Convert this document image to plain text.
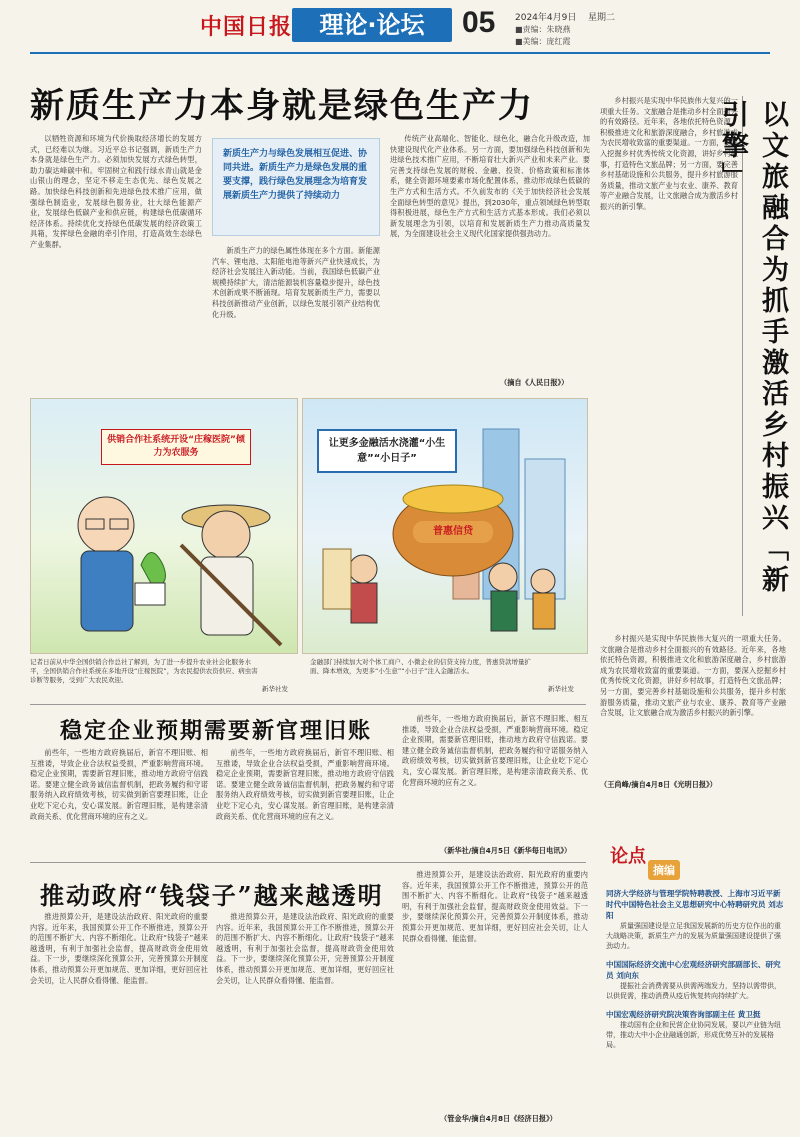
中国日报	理论·论坛	05 2024年4月9日 星期二
■责编：朱晓燕
■美编：庞红霞
新质生产力本身就是绿色生产力

以牺牲资源和环境为代价换取经济增长的发展方式，已经难以为继。习近平总书记强调，新质生产力本身就是绿色生产力。必须加快发展方式绿色转型，助力碳达峰碳中和。牢固树立和践行绿水青山就是金山银山的理念，坚定不移走生态优先、绿色发展之路。加快绿色科技创新和先进绿色技术推广应用，做强绿色制造业，发展绿色服务业，壮大绿色能源产业，发展绿色低碳产业和供应链，构建绿色低碳循环经济体系。持续优化支持绿色低碳发展的经济政策工具箱，发挥绿色金融的牵引作用，打造高效生态绿色产业集群。

新质生产力与绿色发展相互促进、协同共进。新质生产力是绿色发展的重要支撑，践行绿色发展理念为培育发展新质生产力提供了持续动力

新质生产力的绿色属性体现在多个方面。新能源汽车、锂电池、太阳能电池等新兴产业快速成长，为经济社会发展注入新动能。当前，我国绿色低碳产业规模持续扩大，清洁能源装机容量稳步提升，绿色技术创新成果不断涌现。培育发展新质生产力，需要以科技创新推动产业创新，以绿色发展引领产业结构优化升级。

传统产业高端化、智能化、绿色化，融合化升级改造，加快建设现代化产业体系。另一方面，要加强绿色科技创新和先进绿色技术推广应用，不断培育壮大新兴产业和未来产业。要完善支持绿色发展的财税、金融、投资、价格政策和标准体系，健全资源环境要素市场化配置体系，推动形成绿色低碳的生产方式和生活方式。不久前发布的《关于加快经济社会发展全面绿色转型的意见》提出，到2030年，重点领域绿色转型取得积极进展，绿色生产方式和生活方式基本形成。我们必须以新发展理念为引领，以培育和发展新质生产力推动高质量发展，为全面建设社会主义现代化国家提供强劲动力。

（摘自《人民日报》）

乡村振兴是实现中华民族伟大复兴的一项重大任务。文旅融合是推动乡村全面振兴的有效路径。近年来，各地依托特色资源，积极推进文化和旅游深度融合，乡村旅游成为农民增收致富的重要渠道。一方面，要深入挖掘乡村优秀传统文化资源，讲好乡村故事，打造特色文旅品牌；另一方面，要完善乡村基础设施和公共服务，提升乡村旅游服务质量，推动文旅产业与农业、康养、教育等产业融合发展，让文旅融合成为激活乡村振兴的新引擎。	以文旅融合为抓手激活乡村振兴「新引擎」
（王尚峰/摘自4月8日《光明日报》）

乡村振兴是实现中华民族伟大复兴的一项重大任务。文旅融合是推动乡村全面振兴的有效路径。近年来，各地依托特色资源，积极推进文化和旅游深度融合，乡村旅游成为农民增收致富的重要渠道。一方面，要深入挖掘乡村优秀传统文化资源，讲好乡村故事，打造特色文旅品牌；另一方面，要完善乡村基础设施和公共服务，提升乡村旅游服务质量，推动文旅产业与农业、康养、教育等产业融合发展，让文旅融合成为激活乡村振兴的新引擎。

供销合作社系统开设“庄稼医院”倾力为农服务
记者日前从中华全国供销合作总社了解到，为了进一步提升农业社会化服务水平，全国供销合作社系统在多地开设“庄稼医院”，为农民提供农资供应、病虫害诊断等服务，受到广大农民欢迎。
新华社发
让更多金融活水浇灌“小生意”“小日子”
普惠信贷
金融部门持续加大对个体工商户、小微企业的信贷支持力度，普惠贷款增量扩面、降本增效，为更多“小生意”“小日子”注入金融活水。
新华社发
稳定企业预期需要新官理旧账

前些年，一些地方政府换届后，新官不理旧账、相互推诿，导致企业合法权益受损，严重影响营商环境。稳定企业预期，需要新官理旧账，推动地方政府守信践诺。要建立健全政务诚信监督机制，把政务履约和守诺服务纳入政府绩效考核，切实做到新官要理旧账，让企业吃下定心丸，安心谋发展。新官理旧账，是构建亲清政商关系、优化营商环境的应有之义。

前些年，一些地方政府换届后，新官不理旧账、相互推诿，导致企业合法权益受损，严重影响营商环境。稳定企业预期，需要新官理旧账，推动地方政府守信践诺。要建立健全政务诚信监督机制，把政务履约和守诺服务纳入政府绩效考核，切实做到新官要理旧账，让企业吃下定心丸，安心谋发展。新官理旧账，是构建亲清政商关系、优化营商环境的应有之义。

前些年，一些地方政府换届后，新官不理旧账、相互推诿，导致企业合法权益受损，严重影响营商环境。稳定企业预期，需要新官理旧账，推动地方政府守信践诺。要建立健全政务诚信监督机制，把政务履约和守诺服务纳入政府绩效考核，切实做到新官要理旧账，让企业吃下定心丸，安心谋发展。新官理旧账，是构建亲清政商关系、优化营商环境的应有之义。

（新华社/摘自4月5日《新华每日电讯》）
推动政府“钱袋子”越来越透明

推进预算公开，是建设法治政府、阳光政府的重要内容。近年来，我国预算公开工作不断推进，预算公开的范围不断扩大、内容不断细化。让政府“钱袋子”越来越透明，有利于加强社会监督，提高财政资金使用效益。下一步，要继续深化预算公开，完善预算公开制度体系，推动预算公开更加规范、更加详细，更好回应社会关切，让人民群众看得懂、能监督。

推进预算公开，是建设法治政府、阳光政府的重要内容。近年来，我国预算公开工作不断推进，预算公开的范围不断扩大、内容不断细化。让政府“钱袋子”越来越透明，有利于加强社会监督，提高财政资金使用效益。下一步，要继续深化预算公开，完善预算公开制度体系，推动预算公开更加规范、更加详细，更好回应社会关切，让人民群众看得懂、能监督。

推进预算公开，是建设法治政府、阳光政府的重要内容。近年来，我国预算公开工作不断推进，预算公开的范围不断扩大、内容不断细化。让政府“钱袋子”越来越透明，有利于加强社会监督，提高财政资金使用效益。下一步，要继续深化预算公开，完善预算公开制度体系，推动预算公开更加规范、更加详细，更好回应社会关切，让人民群众看得懂、能监督。

（管金华/摘自4月8日《经济日报》）
论点
摘编
同济大学经济与管理学院特聘教授、上海市习近平新时代中国特色社会主义思想研究中心特聘研究员 刘志阳
质量强国建设是立足我国发展新的历史方位作出的重大战略决策，新质生产力的发展为质量强国建设提供了强劲动力。
中国国际经济交流中心宏观经济研究部副部长、研究员 刘向东
提振社会消费需要从供需两端发力，坚持以需带供，以供促需，推动消费从疫后恢复转向持续扩大。
中国宏观经济研究院决策咨询部副主任 黄卫挺
推动国有企业和民营企业协同发展，要以产业链为纽带，推动大中小企业融通创新，形成优势互补的发展格局。
